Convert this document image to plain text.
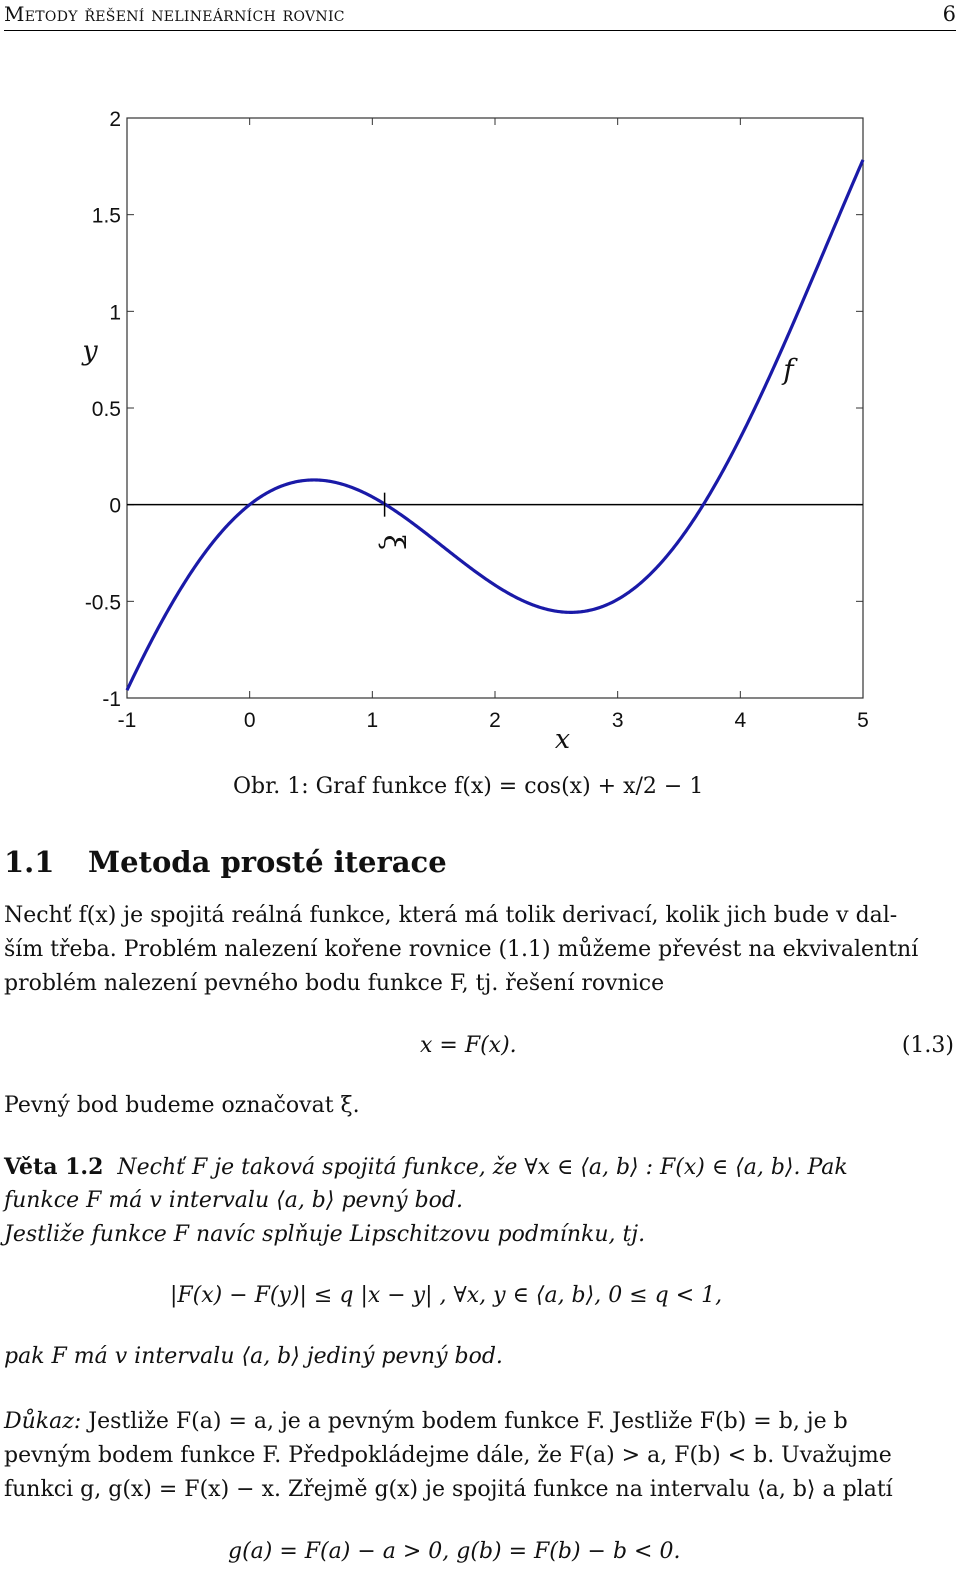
Metody řešení nelineárních rovnic	6
2
1.5
1
0.5
0
-0.5
-1
-1	0	1	2	3	4	5
f
ξ
x
y
Obr. 1: Graf funkce f(x) = cos(x) + x/2 − 1
1.1 Metoda prosté iterace
Nechť f(x) je spojitá reálná funkce, která má tolik derivací, kolik jich bude v dal-
ším třeba. Problém nalezení kořene rovnice (1.1) můžeme převést na ekvivalentní
problém nalezení pevného bodu funkce F, tj. řešení rovnice
x = F(x).	(1.3)
Pevný bod budeme označovat ξ.
Věta 1.2 Nechť F je taková spojitá funkce, že ∀x ∈ ⟨a, b⟩ : F(x) ∈ ⟨a, b⟩. Pak
funkce F má v intervalu ⟨a, b⟩ pevný bod.
Jestliže funkce F navíc splňuje Lipschitzovu podmínku, tj.
|F(x) − F(y)| ≤ q |x − y| , ∀x, y ∈ ⟨a, b⟩, 0 ≤ q < 1,
pak F má v intervalu ⟨a, b⟩ jediný pevný bod.
Důkaz: Jestliže F(a) = a, je a pevným bodem funkce F. Jestliže F(b) = b, je b
pevným bodem funkce F. Předpokládejme dále, že F(a) > a, F(b) < b. Uvažujme
funkci g, g(x) = F(x) − x. Zřejmě g(x) je spojitá funkce na intervalu ⟨a, b⟩ a platí
g(a) = F(a) − a > 0, g(b) = F(b) − b < 0.
